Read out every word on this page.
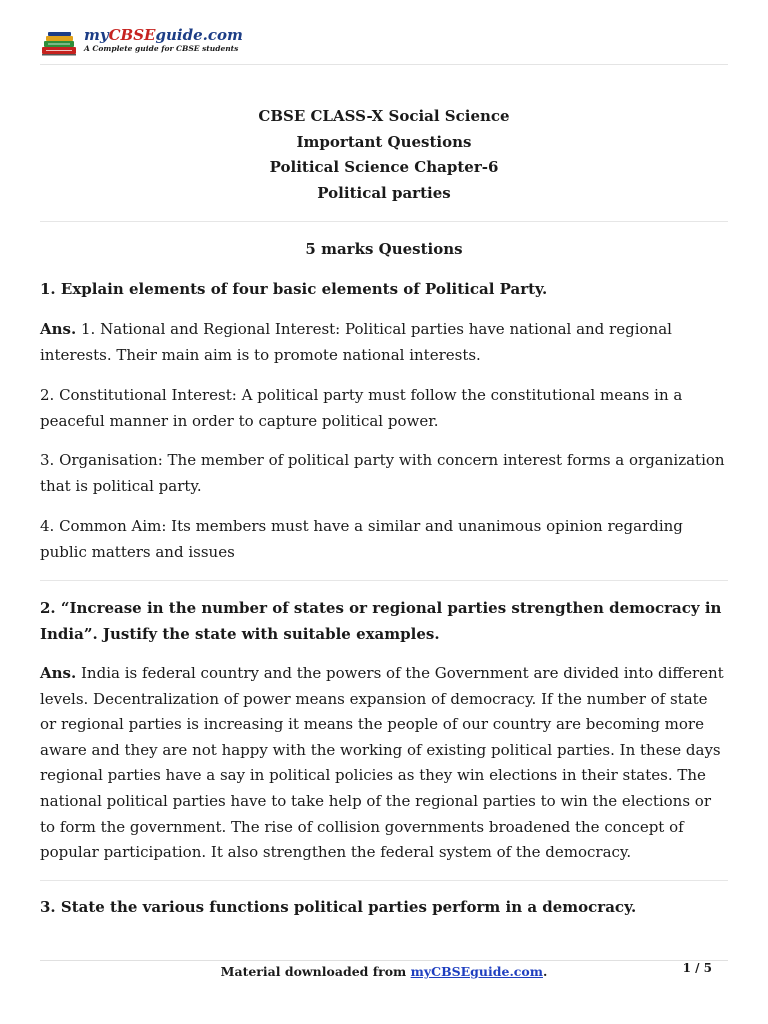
myCBSEguide.com
A Complete guide for CBSE students
CBSE CLASS-X Social Science
Important Questions
Political Science Chapter-6
Political parties
5 marks Questions
1. Explain elements of four basic elements of Political Party.
Ans. 1. National and Regional Interest: Political parties have national and regional interests. Their main aim is to promote national interests.
2. Constitutional Interest: A political party must follow the constitutional means in a peaceful manner in order to capture political power.
3. Organisation: The member of political party with concern interest forms a organization that is political party.
4. Common Aim: Its members must have a similar and unanimous opinion regarding public matters and issues
2. “Increase in the number of states or regional parties strengthen democracy in India”. Justify the state with suitable examples.
Ans. India is federal country and the powers of the Government are divided into different levels. Decentralization of power means expansion of democracy. If the number of state or regional parties is increasing it means the people of our country are becoming more aware and they are not happy with the working of existing political parties. In these days regional parties have a say in political policies as they win elections in their states. The national political parties have to take help of the regional parties to win the elections or to form the government. The rise of collision governments broadened the concept of popular participation. It also strengthen the federal system of the democracy.
3. State the various functions political parties perform in a democracy.
Material downloaded from myCBSEguide.com.	1 / 5
